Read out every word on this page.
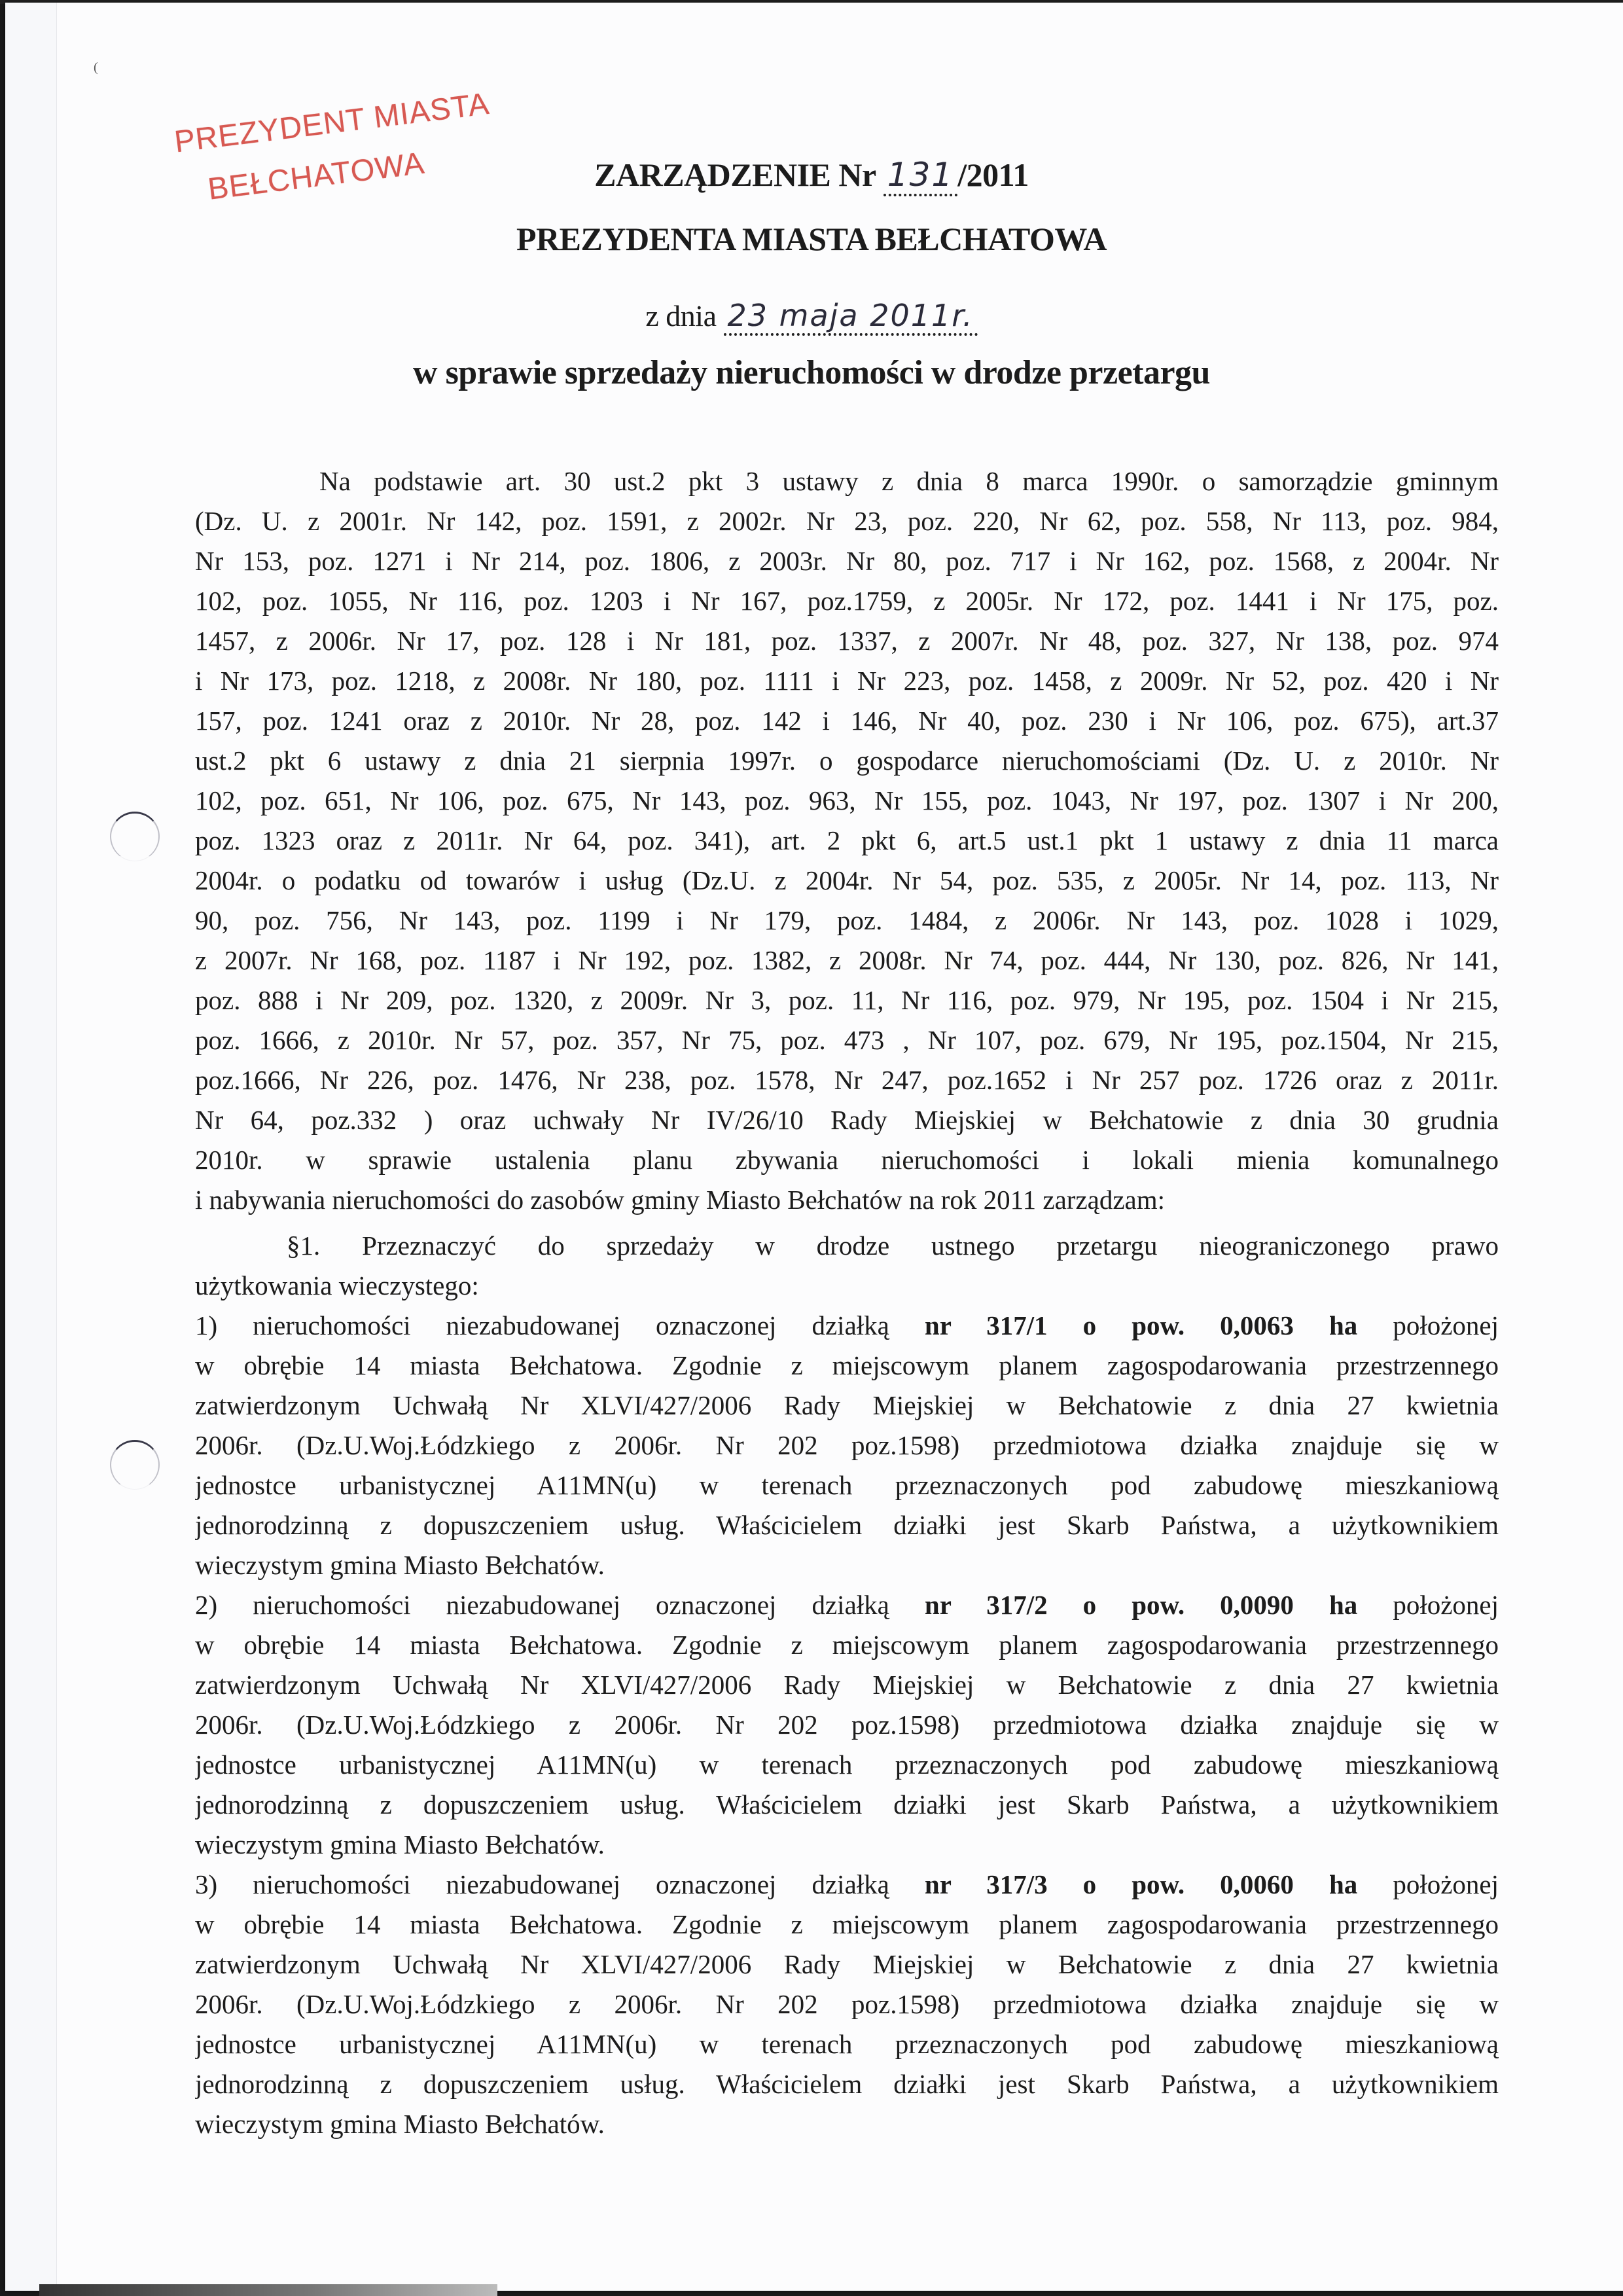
(
PREZYDENT MIASTA
BEŁCHATOWA	ZARZĄDZENIE Nr 131 /2011
PREZYDENTA MIASTA BEŁCHATOWA
z dnia 23 maja 2011r.
w sprawie sprzedaży nieruchomości w drodze przetargu
Na podstawie art. 30 ust.2 pkt 3 ustawy z dnia 8 marca 1990r. o samorządzie gminnym
(Dz. U. z 2001r. Nr 142, poz. 1591, z 2002r. Nr 23, poz. 220, Nr 62, poz. 558, Nr 113, poz. 984,
Nr 153, poz. 1271 i Nr 214, poz. 1806, z 2003r. Nr 80, poz. 717 i Nr 162, poz. 1568, z 2004r. Nr
102, poz. 1055, Nr 116, poz. 1203 i Nr 167, poz.1759, z 2005r. Nr 172, poz. 1441 i Nr 175, poz.
1457, z 2006r. Nr 17, poz. 128 i Nr 181, poz. 1337, z 2007r. Nr 48, poz. 327, Nr 138, poz. 974
i Nr 173, poz. 1218, z 2008r. Nr 180, poz. 1111 i Nr 223, poz. 1458, z 2009r. Nr 52, poz. 420 i Nr
157, poz. 1241 oraz z 2010r. Nr 28, poz. 142 i 146, Nr 40, poz. 230 i Nr 106, poz. 675), art.37
ust.2 pkt 6 ustawy z dnia 21 sierpnia 1997r. o gospodarce nieruchomościami (Dz. U. z 2010r. Nr
102, poz. 651, Nr 106, poz. 675, Nr 143, poz. 963, Nr 155, poz. 1043, Nr 197, poz. 1307 i Nr 200,
poz. 1323 oraz z 2011r. Nr 64, poz. 341), art. 2 pkt 6, art.5 ust.1 pkt 1 ustawy z dnia 11 marca
2004r. o podatku od towarów i usług (Dz.U. z 2004r. Nr 54, poz. 535, z 2005r. Nr 14, poz. 113, Nr
90, poz. 756, Nr 143, poz. 1199 i Nr 179, poz. 1484, z 2006r. Nr 143, poz. 1028 i 1029,
z 2007r. Nr 168, poz. 1187 i Nr 192, poz. 1382, z 2008r. Nr 74, poz. 444, Nr 130, poz. 826, Nr 141,
poz. 888 i Nr 209, poz. 1320, z 2009r. Nr 3, poz. 11, Nr 116, poz. 979, Nr 195, poz. 1504 i Nr 215,
poz. 1666, z 2010r. Nr 57, poz. 357, Nr 75, poz. 473 , Nr 107, poz. 679, Nr 195, poz.1504, Nr 215,
poz.1666, Nr 226, poz. 1476, Nr 238, poz. 1578, Nr 247, poz.1652 i Nr 257 poz. 1726 oraz z 2011r.
Nr 64, poz.332 ) oraz uchwały Nr IV/26/10 Rady Miejskiej w Bełchatowie z dnia 30 grudnia
2010r. w sprawie ustalenia planu zbywania nieruchomości i lokali mienia komunalnego
i nabywania nieruchomości do zasobów gminy Miasto Bełchatów na rok 2011 zarządzam:
§1. Przeznaczyć do sprzedaży w drodze ustnego przetargu nieograniczonego prawo
użytkowania wieczystego:
1) nieruchomości niezabudowanej oznaczonej działką nr 317/1 o pow. 0,0063 ha położonej
w obrębie 14 miasta Bełchatowa. Zgodnie z miejscowym planem zagospodarowania przestrzennego
zatwierdzonym Uchwałą Nr XLVI/427/2006 Rady Miejskiej w Bełchatowie z dnia 27 kwietnia
2006r. (Dz.U.Woj.Łódzkiego z 2006r. Nr 202 poz.1598) przedmiotowa działka znajduje się w
jednostce urbanistycznej A11MN(u) w terenach przeznaczonych pod zabudowę mieszkaniową
jednorodzinną z dopuszczeniem usług. Właścicielem działki jest Skarb Państwa, a użytkownikiem
wieczystym gmina Miasto Bełchatów.
2) nieruchomości niezabudowanej oznaczonej działką nr 317/2 o pow. 0,0090 ha położonej
w obrębie 14 miasta Bełchatowa. Zgodnie z miejscowym planem zagospodarowania przestrzennego
zatwierdzonym Uchwałą Nr XLVI/427/2006 Rady Miejskiej w Bełchatowie z dnia 27 kwietnia
2006r. (Dz.U.Woj.Łódzkiego z 2006r. Nr 202 poz.1598) przedmiotowa działka znajduje się w
jednostce urbanistycznej A11MN(u) w terenach przeznaczonych pod zabudowę mieszkaniową
jednorodzinną z dopuszczeniem usług. Właścicielem działki jest Skarb Państwa, a użytkownikiem
wieczystym gmina Miasto Bełchatów.
3) nieruchomości niezabudowanej oznaczonej działką nr 317/3 o pow. 0,0060 ha położonej
w obrębie 14 miasta Bełchatowa. Zgodnie z miejscowym planem zagospodarowania przestrzennego
zatwierdzonym Uchwałą Nr XLVI/427/2006 Rady Miejskiej w Bełchatowie z dnia 27 kwietnia
2006r. (Dz.U.Woj.Łódzkiego z 2006r. Nr 202 poz.1598) przedmiotowa działka znajduje się w
jednostce urbanistycznej A11MN(u) w terenach przeznaczonych pod zabudowę mieszkaniową
jednorodzinną z dopuszczeniem usług. Właścicielem działki jest Skarb Państwa, a użytkownikiem
wieczystym gmina Miasto Bełchatów.
